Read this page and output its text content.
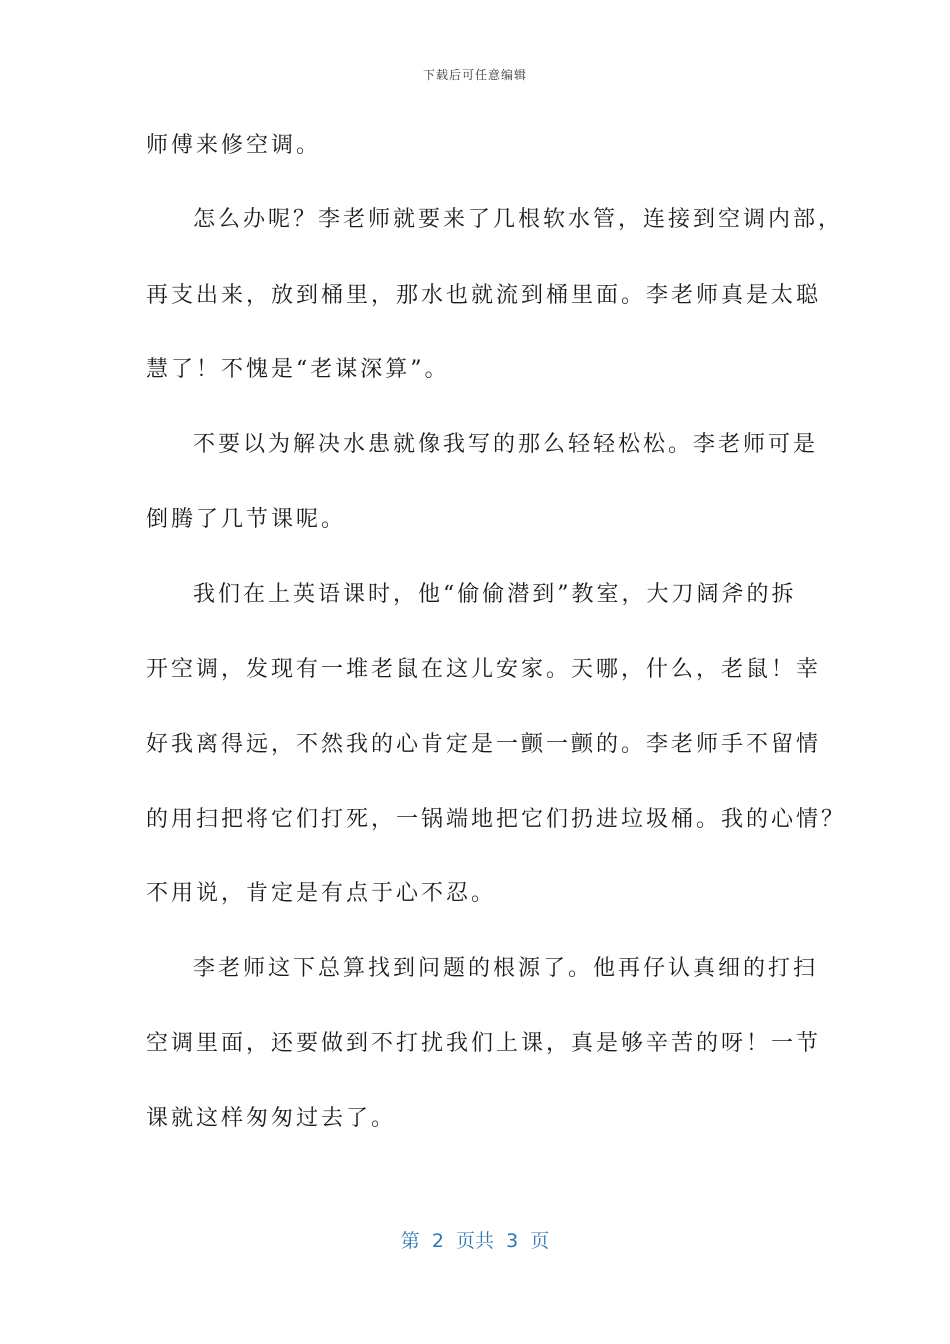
下载后可任意编辑
师傅来修空调。
怎么办呢？李老师就要来了几根软水管，连接到空调内部，
再支出来，放到桶里，那水也就流到桶里面。李老师真是太聪
慧了！不愧是“老谋深算”。
不要以为解决水患就像我写的那么轻轻松松。李老师可是
倒腾了几节课呢。
我们在上英语课时，他“偷偷潜到”教室，大刀阔斧的拆
开空调，发现有一堆老鼠在这儿安家。天哪，什么，老鼠！幸
好我离得远，不然我的心肯定是一颤一颤的。李老师手不留情
的用扫把将它们打死，一锅端地把它们扔进垃圾桶。我的心情？
不用说，肯定是有点于心不忍。
李老师这下总算找到问题的根源了。他再仔认真细的打扫
空调里面，还要做到不打扰我们上课，真是够辛苦的呀！一节
课就这样匆匆过去了。
第  2  页共  3  页
